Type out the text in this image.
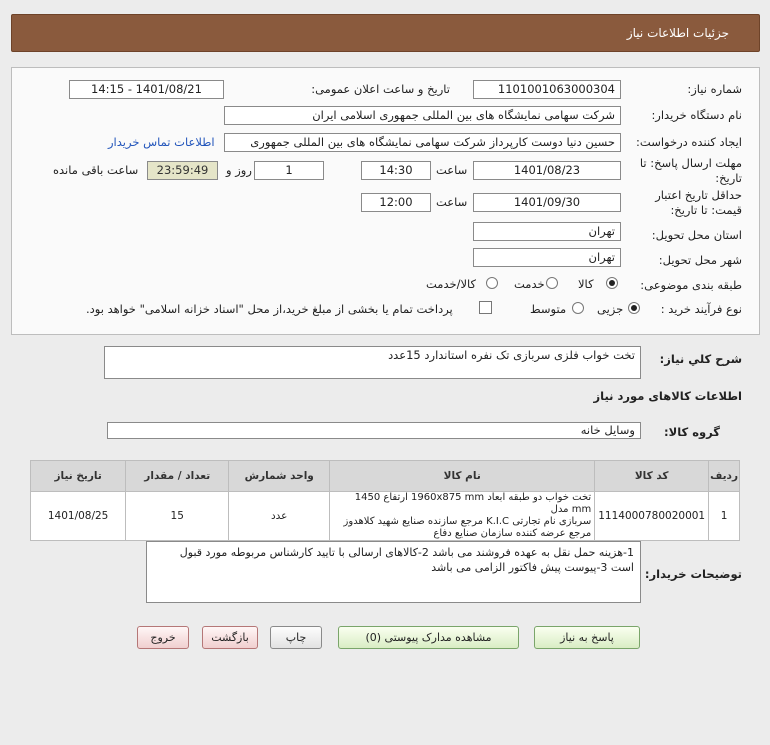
جزئیات اطلاعات نیاز
شماره نیاز:
1101001063000304
تاریخ و ساعت اعلان عمومی:
1401/08/21 - 14:15
نام دستگاه خریدار:
شرکت سهامی نمایشگاه های بین المللی جمهوری اسلامی ایران
ایجاد کننده درخواست:
حسین دنیا دوست کارپرداز شرکت سهامی نمایشگاه های بین المللی جمهوری
اطلاعات تماس خریدار
مهلت ارسال پاسخ: تا
تاریخ:
1401/08/23
ساعت
14:30
1
روز و
23:59:49
ساعت باقی مانده
حداقل تاریخ اعتبار
قیمت: تا تاریخ:
1401/09/30
ساعت
12:00
استان محل تحویل:
تهران
شهر محل تحویل:
تهران
طبقه بندی موضوعی:
کالا
خدمت
کالا/خدمت
نوع فرآیند خرید :
جزیی
متوسط
پرداخت تمام یا بخشی از مبلغ خرید،از محل "اسناد خزانه اسلامی" خواهد بود.
شرح کلي نياز:
تخت خواب فلزی سربازی تک نفره استاندارد 15عدد
اطلاعات کالاهای مورد نیاز
گروه کالا:
وسایل خانه
ردیف	کد کالا	نام کالا	واحد شمارش	تعداد / مقدار	تاریخ نیاز
1	1114000780020001	تخت خواب دو طبقه ابعاد 1960x875 mm ارتفاع 1450 mm مدل
سربازی نام تجارتی K.I.C مرجع سازنده صنایع شهید کلاهدوز
مرجع عرضه کننده سازمان صنایع دفاع	عدد	15	1401/08/25
توضیحات خریدار:
1-هزینه حمل نقل به عهده فروشند می باشد 2-کالاهای ارسالی با تایید کارشناس مربوطه مورد قبول
است 3-پیوست پیش فاکتور الزامی می باشد
پاسخ به نیاز
مشاهده مدارک پیوستی (0)
چاپ
بازگشت
خروج
